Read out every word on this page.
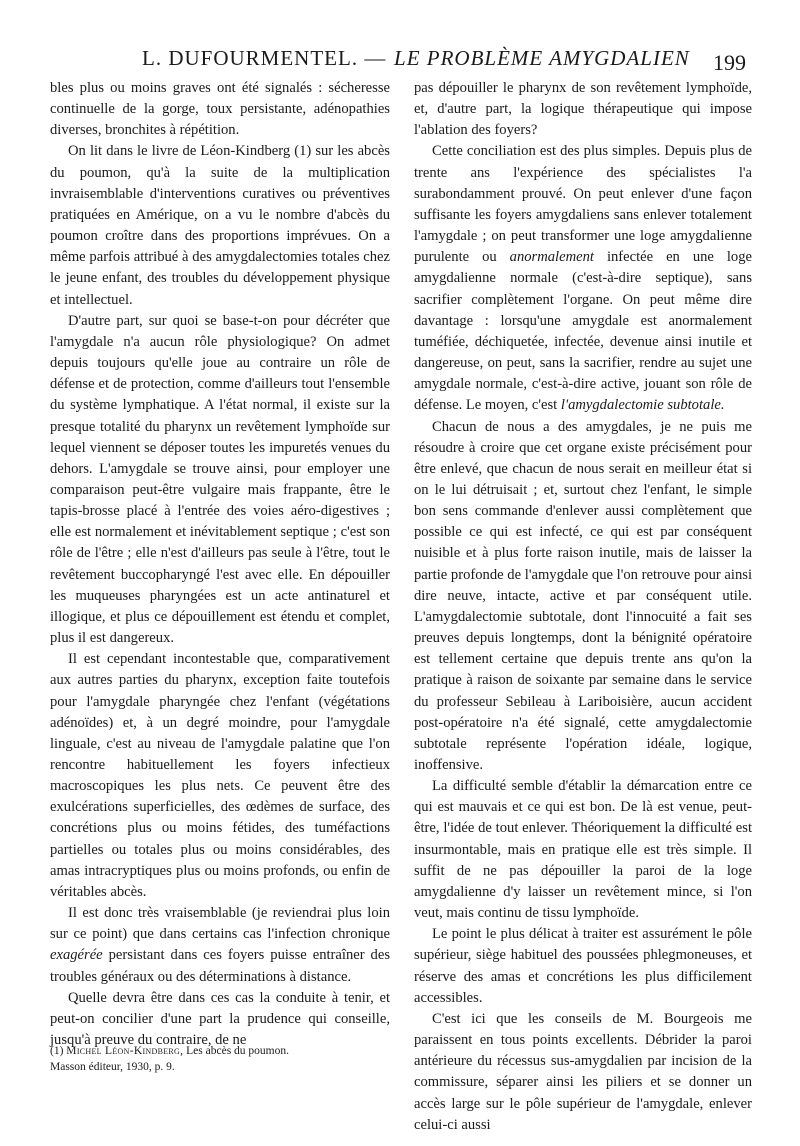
L. DUFOURMENTEL. — LE PROBLÈME AMYGDALIEN 199

bles plus ou moins graves ont été signalés : sécheresse continuelle de la gorge, toux persistante, adénopathies diverses, bronchites à répétition.

On lit dans le livre de Léon-Kindberg (1) sur les abcès du poumon, qu'à la suite de la multiplication invraisemblable d'interventions curatives ou préventives pratiquées en Amérique, on a vu le nombre d'abcès du poumon croître dans des proportions imprévues. On a même parfois attribué à des amygdalectomies totales chez le jeune enfant, des troubles du développement physique et intellectuel.

D'autre part, sur quoi se base-t-on pour décréter que l'amygdale n'a aucun rôle physiologique? On admet depuis toujours qu'elle joue au contraire un rôle de défense et de protection, comme d'ailleurs tout l'ensemble du système lymphatique. A l'état normal, il existe sur la presque totalité du pharynx un revêtement lymphoïde sur lequel viennent se déposer toutes les impuretés venues du dehors. L'amygdale se trouve ainsi, pour employer une comparaison peut-être vulgaire mais frappante, être le tapis-brosse placé à l'entrée des voies aéro-digestives ; elle est normalement et inévitablement septique ; c'est son rôle de l'être ; elle n'est d'ailleurs pas seule à l'être, tout le revêtement buccopharyngé l'est avec elle. En dépouiller les muqueuses pharyngées est un acte antinaturel et illogique, et plus ce dépouillement est étendu et complet, plus il est dangereux.

Il est cependant incontestable que, comparativement aux autres parties du pharynx, exception faite toutefois pour l'amygdale pharyngée chez l'enfant (végétations adénoïdes) et, à un degré moindre, pour l'amygdale linguale, c'est au niveau de l'amygdale palatine que l'on rencontre habituellement les foyers infectieux macroscopiques les plus nets. Ce peuvent être des exulcérations superficielles, des œdèmes de surface, des concrétions plus ou moins fétides, des tuméfactions partielles ou totales plus ou moins considérables, des amas intracryptiques plus ou moins profonds, ou enfin de véritables abcès.

Il est donc très vraisemblable (je reviendrai plus loin sur ce point) que dans certains cas l'infection chronique exagérée persistant dans ces foyers puisse entraîner des troubles généraux ou des déterminations à distance.

Quelle devra être dans ces cas la conduite à tenir, et peut-on concilier d'une part la prudence qui conseille, jusqu'à preuve du contraire, de ne

(1) Michel Léon-Kindberg, Les abcès du poumon.
Masson éditeur, 1930, p. 9.

pas dépouiller le pharynx de son revêtement lymphoïde, et, d'autre part, la logique thérapeutique qui impose l'ablation des foyers?

Cette conciliation est des plus simples. Depuis plus de trente ans l'expérience des spécialistes l'a surabondamment prouvé. On peut enlever d'une façon suffisante les foyers amygdaliens sans enlever totalement l'amygdale ; on peut transformer une loge amygdalienne purulente ou anormalement infectée en une loge amygdalienne normale (c'est-à-dire septique), sans sacrifier complètement l'organe. On peut même dire davantage : lorsqu'une amygdale est anormalement tuméfiée, déchiquetée, infectée, devenue ainsi inutile et dangereuse, on peut, sans la sacrifier, rendre au sujet une amygdale normale, c'est-à-dire active, jouant son rôle de défense. Le moyen, c'est l'amygdalectomie subtotale.

Chacun de nous a des amygdales, je ne puis me résoudre à croire que cet organe existe précisément pour être enlevé, que chacun de nous serait en meilleur état si on le lui détruisait ; et, surtout chez l'enfant, le simple bon sens commande d'enlever aussi complètement que possible ce qui est infecté, ce qui est par conséquent nuisible et à plus forte raison inutile, mais de laisser la partie profonde de l'amygdale que l'on retrouve pour ainsi dire neuve, intacte, active et par conséquent utile. L'amygdalectomie subtotale, dont l'innocuité a fait ses preuves depuis longtemps, dont la bénignité opératoire est tellement certaine que depuis trente ans qu'on la pratique à raison de soixante par semaine dans le service du professeur Sebileau à Lariboisière, aucun accident post-opératoire n'a été signalé, cette amygdalectomie subtotale représente l'opération idéale, logique, inoffensive.

La difficulté semble d'établir la démarcation entre ce qui est mauvais et ce qui est bon. De là est venue, peut-être, l'idée de tout enlever. Théoriquement la difficulté est insurmontable, mais en pratique elle est très simple. Il suffit de ne pas dépouiller la paroi de la loge amygdalienne d'y laisser un revêtement mince, si l'on veut, mais continu de tissu lymphoïde.

Le point le plus délicat à traiter est assurément le pôle supérieur, siège habituel des poussées phlegmoneuses, et réserve des amas et concrétions les plus difficilement accessibles.

C'est ici que les conseils de M. Bourgeois me paraissent en tous points excellents. Débrider la paroi antérieure du récessus sus-amygdalien par incision de la commissure, séparer ainsi les piliers et se donner un accès large sur le pôle supérieur de l'amygdale, enlever celui-ci aussi
